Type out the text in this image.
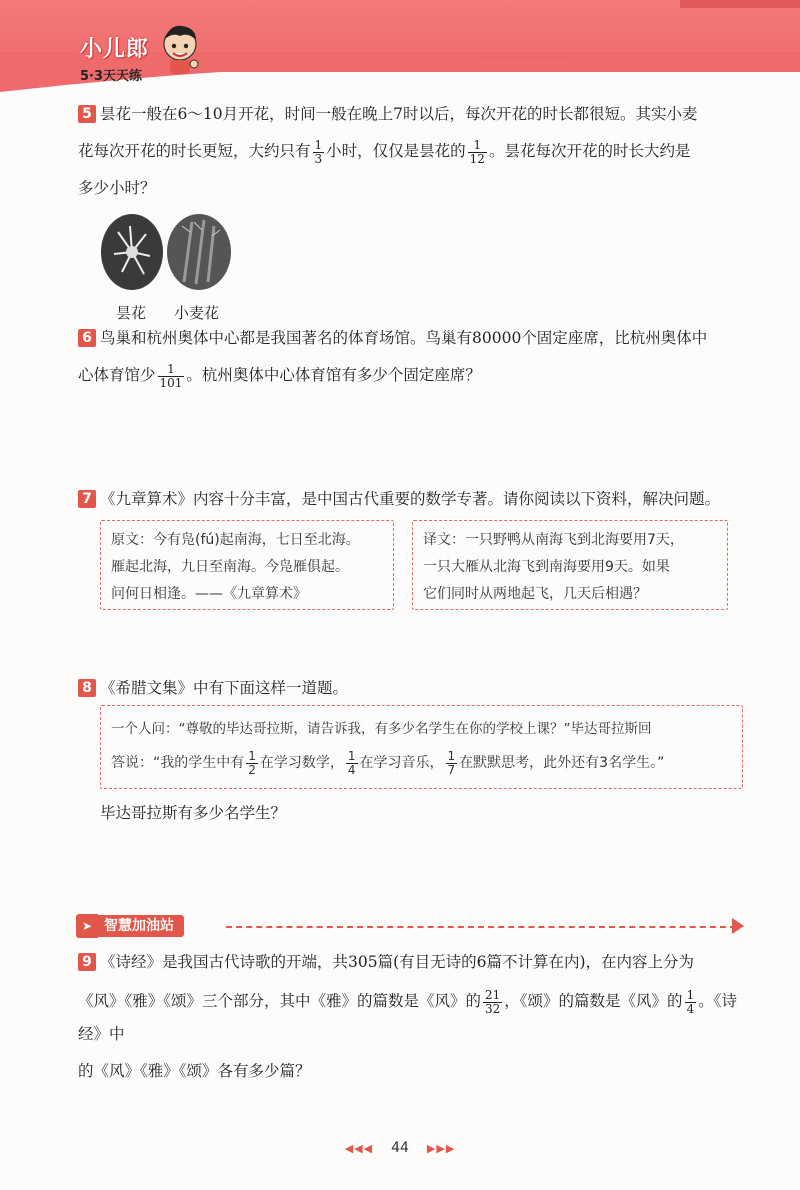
小儿郎
5·3天天练
5 昙花一般在6～10月开花，时间一般在晚上7时以后，每次开花的时长都很短。其实小麦
花每次开花的时长更短，大约只有 $\frac{1}{3}$ 小时，仅仅是昙花的 $\frac{1}{12}$ 。昙花每次开花的时长大约是
多少小时？
昙花 小麦花
6 鸟巢和杭州奥体中心都是我国著名的体育场馆。鸟巢有80000个固定座席，比杭州奥体中
心体育馆少 $\frac{1}{101}$ 。杭州奥体中心体育馆有多少个固定座席？
7 《九章算术》内容十分丰富，是中国古代重要的数学专著。请你阅读以下资料，解决问题。
原文：今有凫(fú)起南海，七日至北海。
雁起北海，九日至南海。今凫雁俱起。
问何日相逢。——《九章算术》
译文：一只野鸭从南海飞到北海要用7天，
一只大雁从北海飞到南海要用9天。如果
它们同时从两地起飞，几天后相遇？
8 《希腊文集》中有下面这样一道题。
一个人问：“尊敬的毕达哥拉斯，请告诉我，有多少名学生在你的学校上课？”毕达哥拉斯回
答说：“我的学生中有 $\frac{1}{2}$ 在学习数学， $\frac{1}{4}$ 在学习音乐， $\frac{1}{7}$ 在默默思考，此外还有3名学生。”
毕达哥拉斯有多少名学生？
➤ 智慧加油站
9 《诗经》是我国古代诗歌的开端，共305篇(有目无诗的6篇不计算在内)，在内容上分为
《风》《雅》《颂》三个部分，其中《雅》的篇数是《风》的 $\frac{21}{32}$ ，《颂》的篇数是《风》的 $\frac{1}{4}$ 。《诗经》中
的《风》《雅》《颂》各有多少篇？
◀◀◀ 44 ▶▶▶
